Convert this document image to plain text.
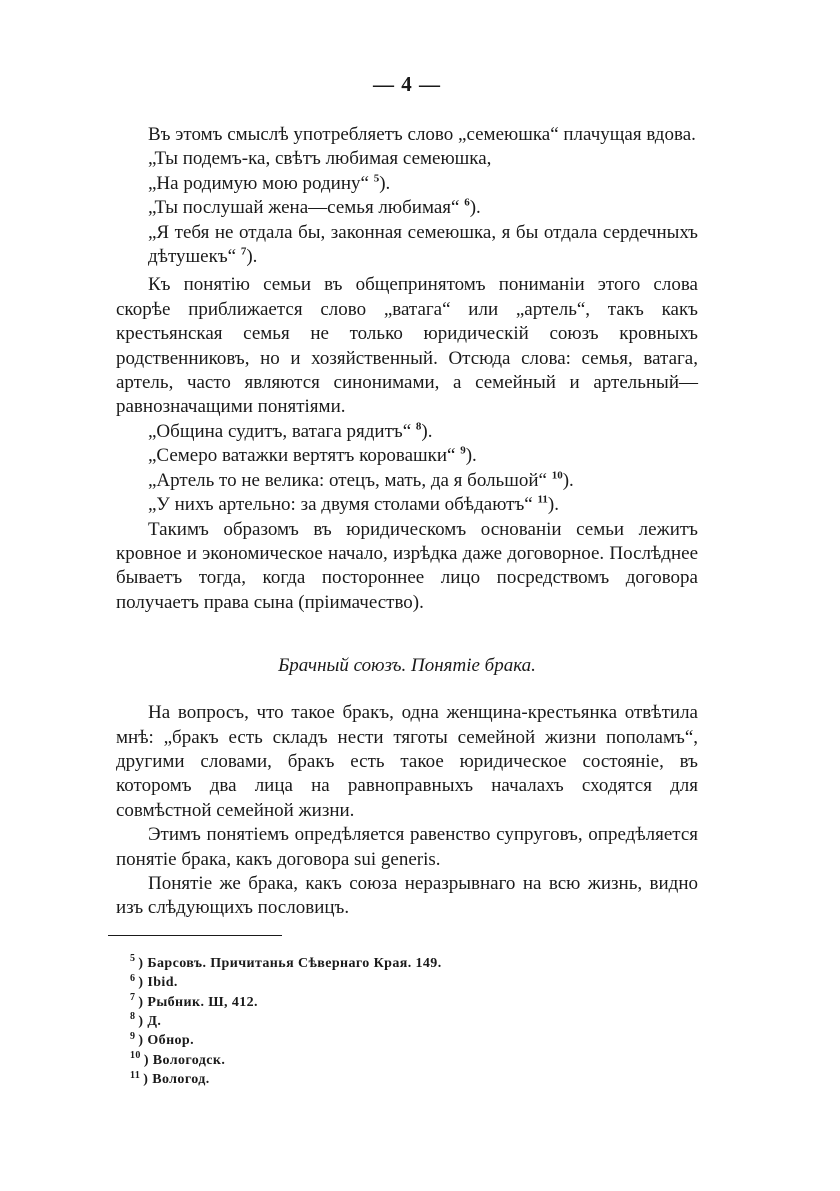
— 4 —

Въ этомъ смыслѣ употребляетъ слово „семеюшка“ плачущая вдова.

„Ты подемъ-ка, свѣтъ любимая семеюшка,

„На родимую мою родину“ $^5$).

„Ты послушай жена—семья любимая“ $^6$).

„Я тебя не отдала бы, законная семеюшка, я бы отдала сердечныхъ дѣтушекъ“ $^7$).

Къ понятію семьи въ общепринятомъ пониманіи этого слова скорѣе приближается слово „ватага“ или „артель“, такъ какъ крестьянская семья не только юридическій союзъ кровныхъ родственниковъ, но и хозяйственный. Отсюда слова: семья, ватага, артель, часто являются синонимами, а семейный и артельный—равнозначащими понятіями.

„Община судитъ, ватага рядитъ“ $^8$).

„Семеро ватажки вертятъ коровашки“ $^9$).

„Артель то не велика: отецъ, мать, да я большой“ $^{10}$).

„У нихъ артельно: за двумя столами обѣдаютъ“ $^{11}$).

Такимъ образомъ въ юридическомъ основаніи семьи лежитъ кровное и экономическое начало, изрѣдка даже договорное. Послѣднее бываетъ тогда, когда постороннее лицо посредствомъ договора получаетъ права сына (пріимачество).

Брачный союзъ. Понятіе брака.

На вопросъ, что такое бракъ, одна женщина-крестьянка отвѣтила мнѣ: „бракъ есть складъ нести тяготы семейной жизни пополамъ“, другими словами, бракъ есть такое юридическое состояніе, въ которомъ два лица на равноправныхъ началахъ сходятся для совмѣстной семейной жизни.

Этимъ понятіемъ опредѣляется равенство супруговъ, опредѣляется понятіе брака, какъ договора sui generis.

Понятіе же брака, какъ союза неразрывнаго на всю жизнь, видно изъ слѣдующихъ пословицъ.

$^5$ ) Барсовъ. Причитанья Сѣвернаго Края. 149.

$^6$ ) Ibid.

$^7$ ) Рыбник. Ш, 412.

$^8$ ) Д.

$^9$ ) Обнор.

$^{10}$ ) Вологодск.

$^{11}$ ) Вологод.
